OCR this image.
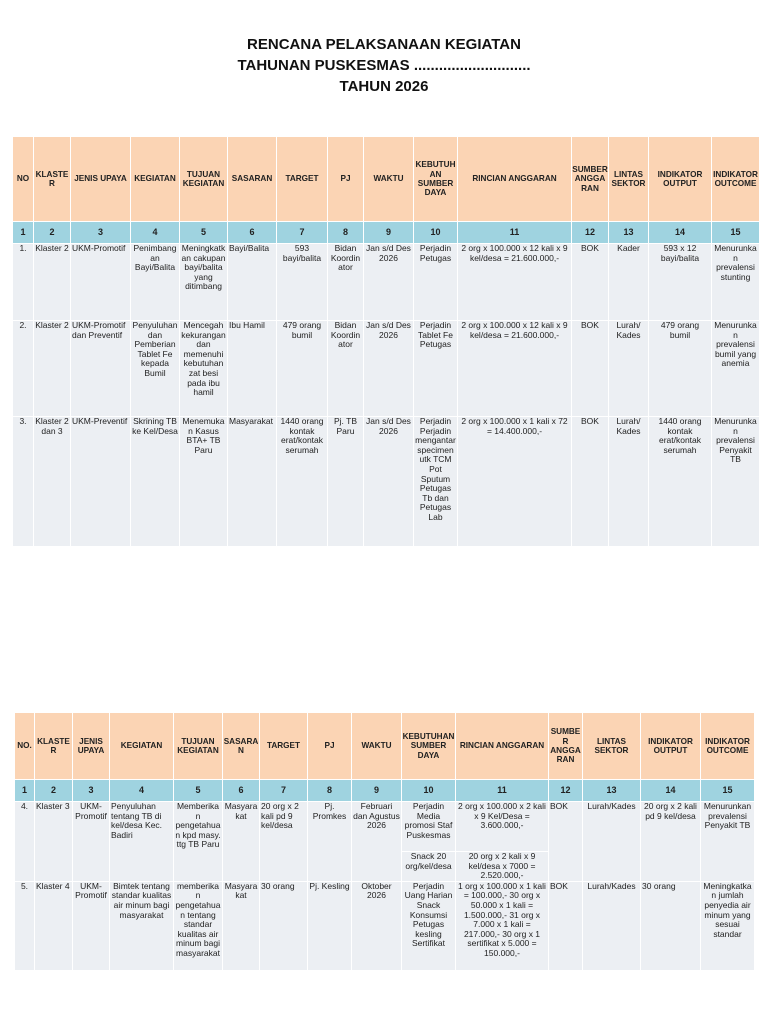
RENCANA PELAKSANAAN KEGIATAN
TAHUNAN PUSKESMAS ............................
TAHUN 2026
NO	KLASTER	JENIS UPAYA	KEGIATAN	TUJUAN KEGIATAN	SASARAN	TARGET	PJ	WAKTU	KEBUTUHAN SUMBER DAYA	RINCIAN ANGGARAN	SUMBER ANGGARAN	LINTAS SEKTOR	INDIKATOR OUTPUT	INDIKATOR OUTCOME
1	2	3	4	5	6	7	8	9	10	11	12	13	14	15
1.	Klaster 2	UKM-Promotif	Penimbangan Bayi/Balita	Meningkatkan cakupan bayi/balita yang ditimbang	Bayi/Balita	593 bayi/balita	Bidan Koordinator	Jan s/d Des 2026	Perjadin Petugas	2 org x 100.000 x 12 kali x 9 kel/desa = 21.600.000,-	BOK	Kader	593 x 12 bayi/balita	Menurunkan prevalensi stunting
2.	Klaster 2	UKM-Promotif dan Preventif	Penyuluhan dan Pemberian Tablet Fe kepada Bumil	Mencegah kekurangan dan memenuhi kebutuhan zat besi pada ibu hamil	Ibu Hamil	479 orang bumil	Bidan Koordinator	Jan s/d Des 2026	Perjadin Tablet Fe Petugas	2 org x 100.000 x 12 kali x 9 kel/desa = 21.600.000,-	BOK	Lurah/ Kades	479 orang bumil	Menurunkan prevalensi bumil yang anemia
3.	Klaster 2 dan 3	UKM-Preventif	Skrining TB ke Kel/Desa	Menemukan Kasus BTA+ TB Paru	Masyarakat	1440 orang kontak erat/kontak serumah	Pj. TB Paru	Jan s/d Des 2026	Perjadin Perjadin mengantar specimen utk TCM Pot Sputum Petugas Tb dan Petugas Lab	2 org x 100.000 x 1 kali x 72 = 14.400.000,-	BOK	Lurah/ Kades	1440 orang kontak erat/kontak serumah	Menurunkan prevalensi Penyakit TB
NO.	KLASTER	JENIS UPAYA	KEGIATAN	TUJUAN KEGIATAN	SASARAN	TARGET	PJ	WAKTU	KEBUTUHAN SUMBER DAYA	RINCIAN ANGGARAN	SUMBER ANGGARAN	LINTAS SEKTOR	INDIKATOR OUTPUT	INDIKATOR OUTCOME
1	2	3	4	5	6	7	8	9	10	11	12	13	14	15
4.	Klaster 3	UKM-Promotif	Penyuluhan tentang TB di kel/desa Kec. Badiri	Memberikan pengetahuan kpd masy. ttg TB Paru	Masyarakat	20 org x 2 kali pd 9 kel/desa	Pj. Promkes	Februari dan Agustus 2026	Perjadin Media promosi Staf Puskesmas	2 org x 100.000 x 2 kali x 9 Kel/Desa = 3.600.000,-	BOK	Lurah/Kades	20 org x 2 kali pd 9 kel/desa	Menurunkan prevalensi Penyakit TB
									Snack 20 org/kel/desa	20 org x 2 kali x 9 kel/desa x 7000 = 2.520.000,-				
5.	Klaster 4	UKM-Promotif	Bimtek tentang standar kualitas air minum bagi masyarakat	memberikan pengetahuan tentang standar kualitas air minum bagi masyarakat	Masyarakat	30 orang	Pj. Kesling	Oktober 2026	Perjadin Uang Harian Snack Konsumsi Petugas kesling Sertifikat	1 org x 100.000 x 1 kali = 100.000,- 30 org x 50.000 x 1 kali = 1.500.000,- 31 org x 7.000 x 1 kali = 217.000,- 30 org x 1 sertifikat x 5.000 = 150.000,-	BOK	Lurah/Kades	30 orang	Meningkatkan jumlah penyedia air minum yang sesuai standar
